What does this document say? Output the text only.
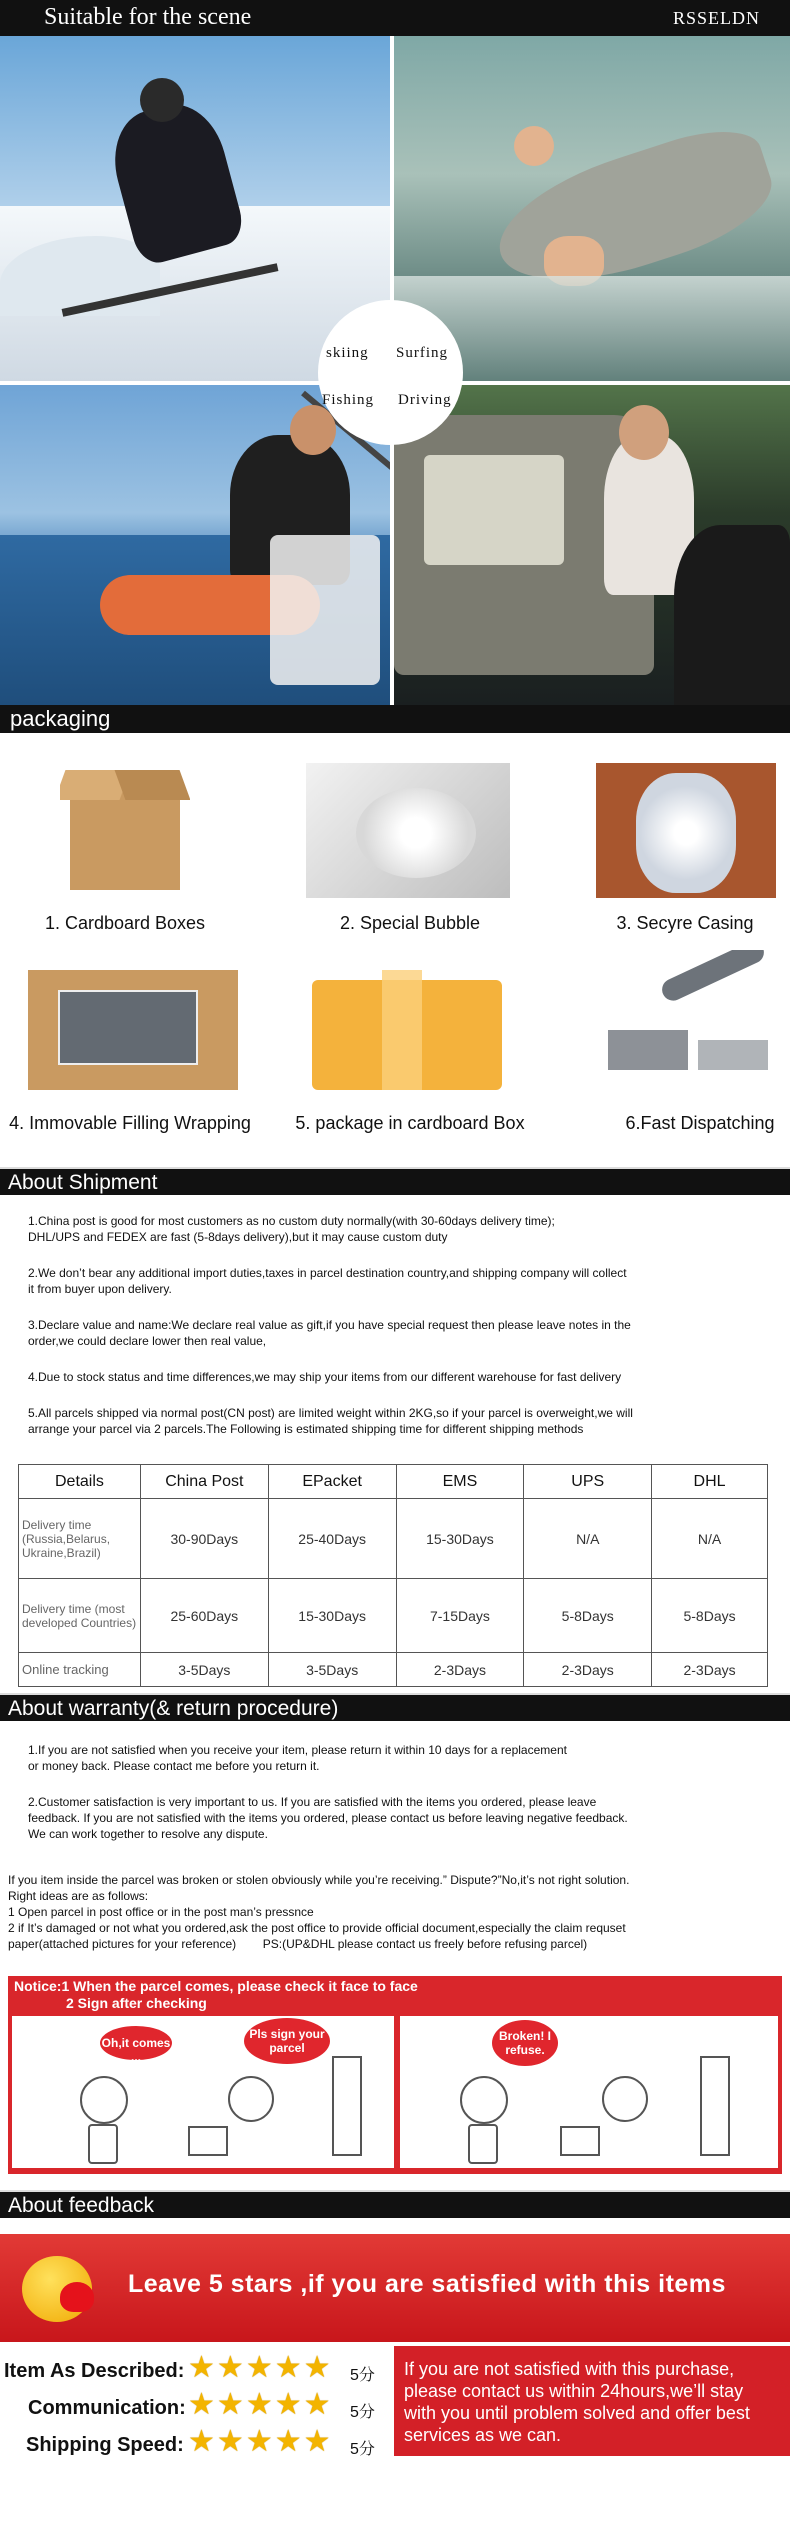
Suitable for the scene	RSSELDN
skiing Surfing
Fishing Driving
packaging
1. Cardboard Boxes	2. Special Bubble	3. Secyre Casing
4. Immovable Filling Wrapping	5. package in cardboard Box	6.Fast Dispatching
About Shipment
1.China post is good for most customers as no custom duty normally(with 30-60days delivery time);
DHL/UPS and FEDEX are fast (5-8days delivery),but it may cause custom duty
2.We don’t bear any additional import duties,taxes in parcel destination country,and shipping company will collect
it from buyer upon delivery.
3.Declare value and name:We declare real value as gift,if you have special request then please leave notes in the
order,we could declare lower then real value,
4.Due to stock status and time differences,we may ship your items from our different warehouse for fast delivery
5.All parcels shipped via normal post(CN post) are limited weight within 2KG,so if your parcel is overweight,we will
arrange your parcel via 2 parcels.The Following is estimated shipping time for different shipping methods
Details	China Post	EPacket	EMS	UPS	DHL
Delivery time (Russia,Belarus, Ukraine,Brazil)	30-90Days	25-40Days	15-30Days	N/A	N/A
Delivery time (most developed Countries)	25-60Days	15-30Days	7-15Days	5-8Days	5-8Days
Online tracking	3-5Days	3-5Days	2-3Days	2-3Days	2-3Days
About warranty(& return procedure)
1.If you are not satisfied when you receive your item, please return it within 10 days for a replacement
or money back. Please contact me before you return it.
2.Customer satisfaction is very important to us. If you are satisfied with the items you ordered, please leave
feedback. If you are not satisfied with the items you ordered, please contact us before leaving negative feedback.
We can work together to resolve any dispute.
If you item inside the parcel was broken or stolen obviously while you’re receiving.” Dispute?”No,it’s not right solution.
Right ideas are as follows:
1 Open parcel in post office or in the post man’s pressnce
2 if It’s damaged or not what you ordered,ask the post office to provide official document,especially the claim requset
paper(attached pictures for your reference)        PS:(UP&DHL please contact us freely before refusing parcel)
Notice:1 When the parcel comes, please check it face to face
2 Sign after checking
Oh,it comes ...
Pls sign your parcel
Broken! I refuse.
About feedback
Leave 5 stars ,if you are satisfied with this items
Item As Described: ★★★★★ 5分
Communication: ★★★★★ 5分
Shipping Speed: ★★★★★ 5分
If you are not satisfied with this purchase, please contact us within 24hours,we’ll stay with you until problem solved and offer best services as we can.
